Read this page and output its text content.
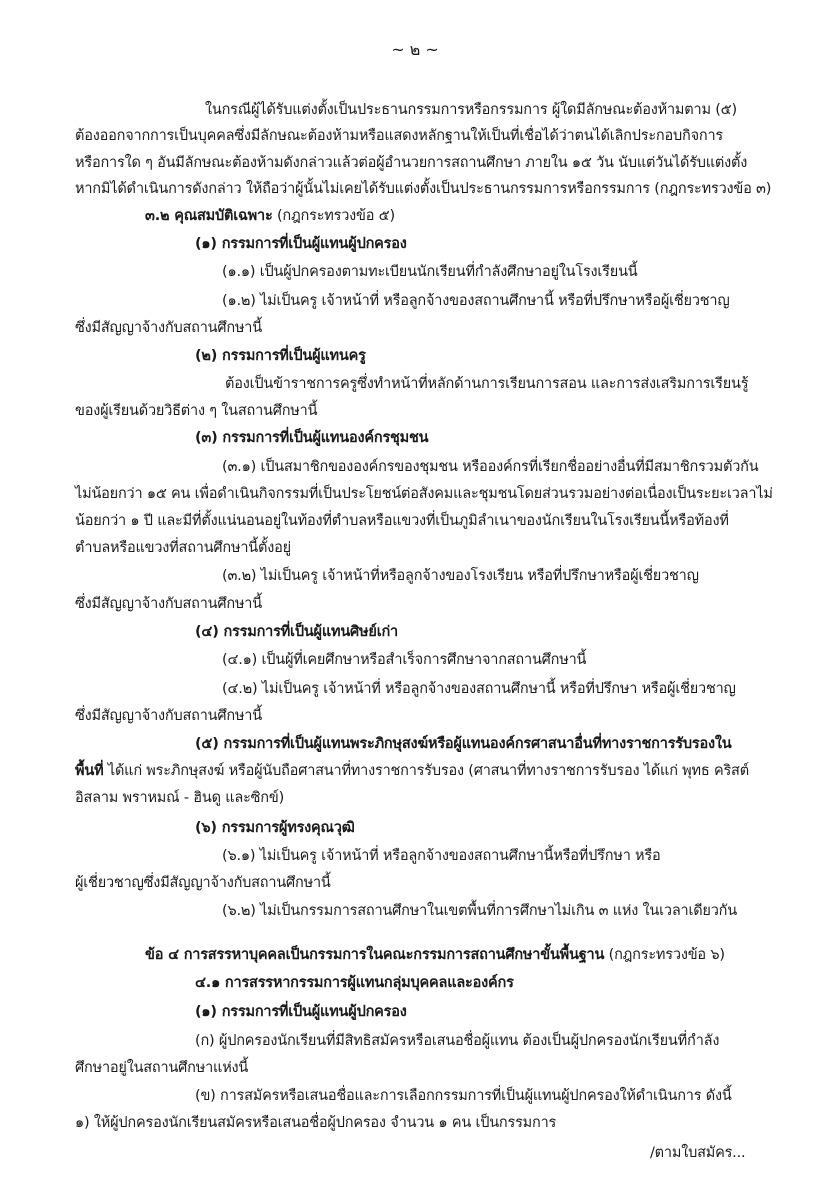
~ ๒ ~

ในกรณีผู้ได้รับแต่งตั้งเป็นประธานกรรมการหรือกรรมการ ผู้ใดมีลักษณะต้องห้ามตาม (๕)

ต้องออกจากการเป็นบุคคลซึ่งมีลักษณะต้องห้ามหรือแสดงหลักฐานให้เป็นที่เชื่อได้ว่าตนได้เลิกประกอบกิจการ

หรือการใด ๆ อันมีลักษณะต้องห้ามดังกล่าวแล้วต่อผู้อำนวยการสถานศึกษา ภายใน ๑๕ วัน นับแต่วันได้รับแต่งตั้ง

หากมิได้ดำเนินการดังกล่าว ให้ถือว่าผู้นั้นไม่เคยได้รับแต่งตั้งเป็นประธานกรรมการหรือกรรมการ (กฎกระทรวงข้อ ๓)

๓.๒ คุณสมบัติเฉพาะ (กฎกระทรวงข้อ ๕)

(๑) กรรมการที่เป็นผู้แทนผู้ปกครอง

(๑.๑) เป็นผู้ปกครองตามทะเบียนนักเรียนที่กำลังศึกษาอยู่ในโรงเรียนนี้

(๑.๒) ไม่เป็นครู เจ้าหน้าที่ หรือลูกจ้างของสถานศึกษานี้ หรือที่ปรึกษาหรือผู้เชี่ยวชาญ

ซึ่งมีสัญญาจ้างกับสถานศึกษานี้

(๒) กรรมการที่เป็นผู้แทนครู

ต้องเป็นข้าราชการครูซึ่งทำหน้าที่หลักด้านการเรียนการสอน และการส่งเสริมการเรียนรู้

ของผู้เรียนด้วยวิธีต่าง ๆ ในสถานศึกษานี้

(๓) กรรมการที่เป็นผู้แทนองค์กรชุมชน

(๓.๑) เป็นสมาชิกขององค์กรของชุมชน หรือองค์กรที่เรียกชื่ออย่างอื่นที่มีสมาชิกรวมตัวกัน

ไม่น้อยกว่า ๑๕ คน เพื่อดำเนินกิจกรรมที่เป็นประโยชน์ต่อสังคมและชุมชนโดยส่วนรวมอย่างต่อเนื่องเป็นระยะเวลาไม่

น้อยกว่า ๑ ปี และมีที่ตั้งแน่นอนอยู่ในท้องที่ตำบลหรือแขวงที่เป็นภูมิลำเนาของนักเรียนในโรงเรียนนี้หรือท้องที่

ตำบลหรือแขวงที่สถานศึกษานี้ตั้งอยู่

(๓.๒) ไม่เป็นครู เจ้าหน้าที่หรือลูกจ้างของโรงเรียน หรือที่ปรึกษาหรือผู้เชี่ยวชาญ

ซึ่งมีสัญญาจ้างกับสถานศึกษานี้

(๔) กรรมการที่เป็นผู้แทนศิษย์เก่า

(๔.๑) เป็นผู้ที่เคยศึกษาหรือสำเร็จการศึกษาจากสถานศึกษานี้

(๔.๒) ไม่เป็นครู เจ้าหน้าที่ หรือลูกจ้างของสถานศึกษานี้ หรือที่ปรึกษา หรือผู้เชี่ยวชาญ

ซึ่งมีสัญญาจ้างกับสถานศึกษานี้

(๕) กรรมการที่เป็นผู้แทนพระภิกษุสงฆ์หรือผู้แทนองค์กรศาสนาอื่นที่ทางราชการรับรองใน

พื้นที่ ได้แก่ พระภิกษุสงฆ์ หรือผู้นับถือศาสนาที่ทางราชการรับรอง (ศาสนาที่ทางราชการรับรอง ได้แก่ พุทธ คริสต์

อิสลาม พราหมณ์ - ฮินดู และซิกข์)

(๖) กรรมการผู้ทรงคุณวุฒิ

(๖.๑) ไม่เป็นครู เจ้าหน้าที่ หรือลูกจ้างของสถานศึกษานี้หรือที่ปรึกษา หรือ

ผู้เชี่ยวชาญซึ่งมีสัญญาจ้างกับสถานศึกษานี้

(๖.๒) ไม่เป็นกรรมการสถานศึกษาในเขตพื้นที่การศึกษาไม่เกิน ๓ แห่ง ในเวลาเดียวกัน

ข้อ ๔ การสรรหาบุคคลเป็นกรรมการในคณะกรรมการสถานศึกษาขั้นพื้นฐาน (กฎกระทรวงข้อ ๖)

๔.๑ การสรรหากรรมการผู้แทนกลุ่มบุคคลและองค์กร

(๑) กรรมการที่เป็นผู้แทนผู้ปกครอง

(ก) ผู้ปกครองนักเรียนที่มีสิทธิสมัครหรือเสนอชื่อผู้แทน ต้องเป็นผู้ปกครองนักเรียนที่กำลัง

ศึกษาอยู่ในสถานศึกษาแห่งนี้

(ข) การสมัครหรือเสนอชื่อและการเลือกกรรมการที่เป็นผู้แทนผู้ปกครองให้ดำเนินการ ดังนี้

๑) ให้ผู้ปกครองนักเรียนสมัครหรือเสนอชื่อผู้ปกครอง จำนวน ๑ คน เป็นกรรมการ

/ตามใบสมัคร...
